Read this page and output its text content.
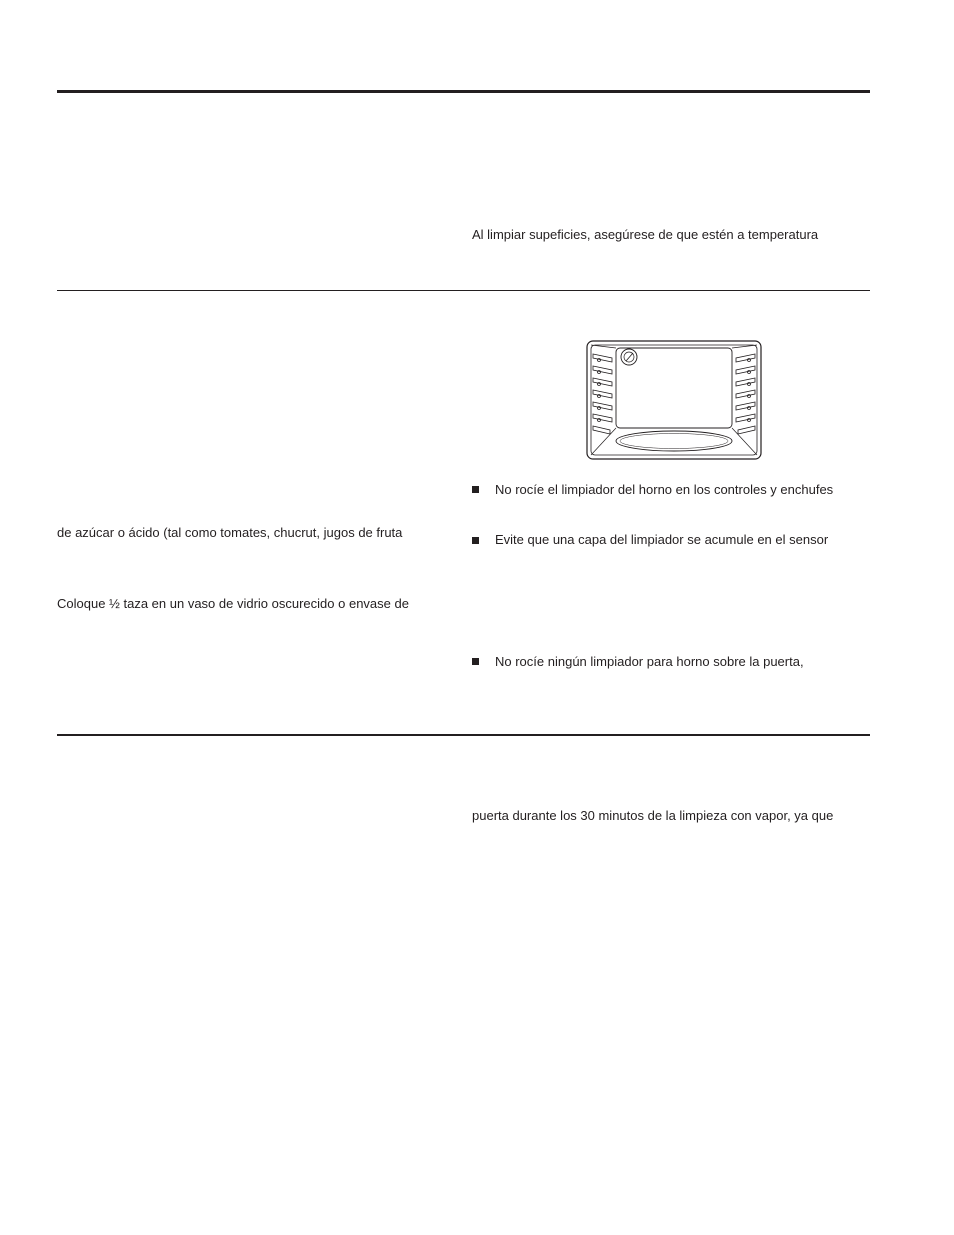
Al limpiar supeficies, asegúrese de que estén a temperatura
de azúcar o ácido (tal como tomates, chucrut, jugos de fruta
Coloque ½ taza en un vaso de vidrio oscurecido o envase de
No rocíe el limpiador del horno en los controles y enchufes
Evite que una capa del limpiador se acumule en el sensor
No rocíe ningún limpiador para horno sobre la puerta,
puerta durante los 30 minutos de la limpieza con vapor, ya que
